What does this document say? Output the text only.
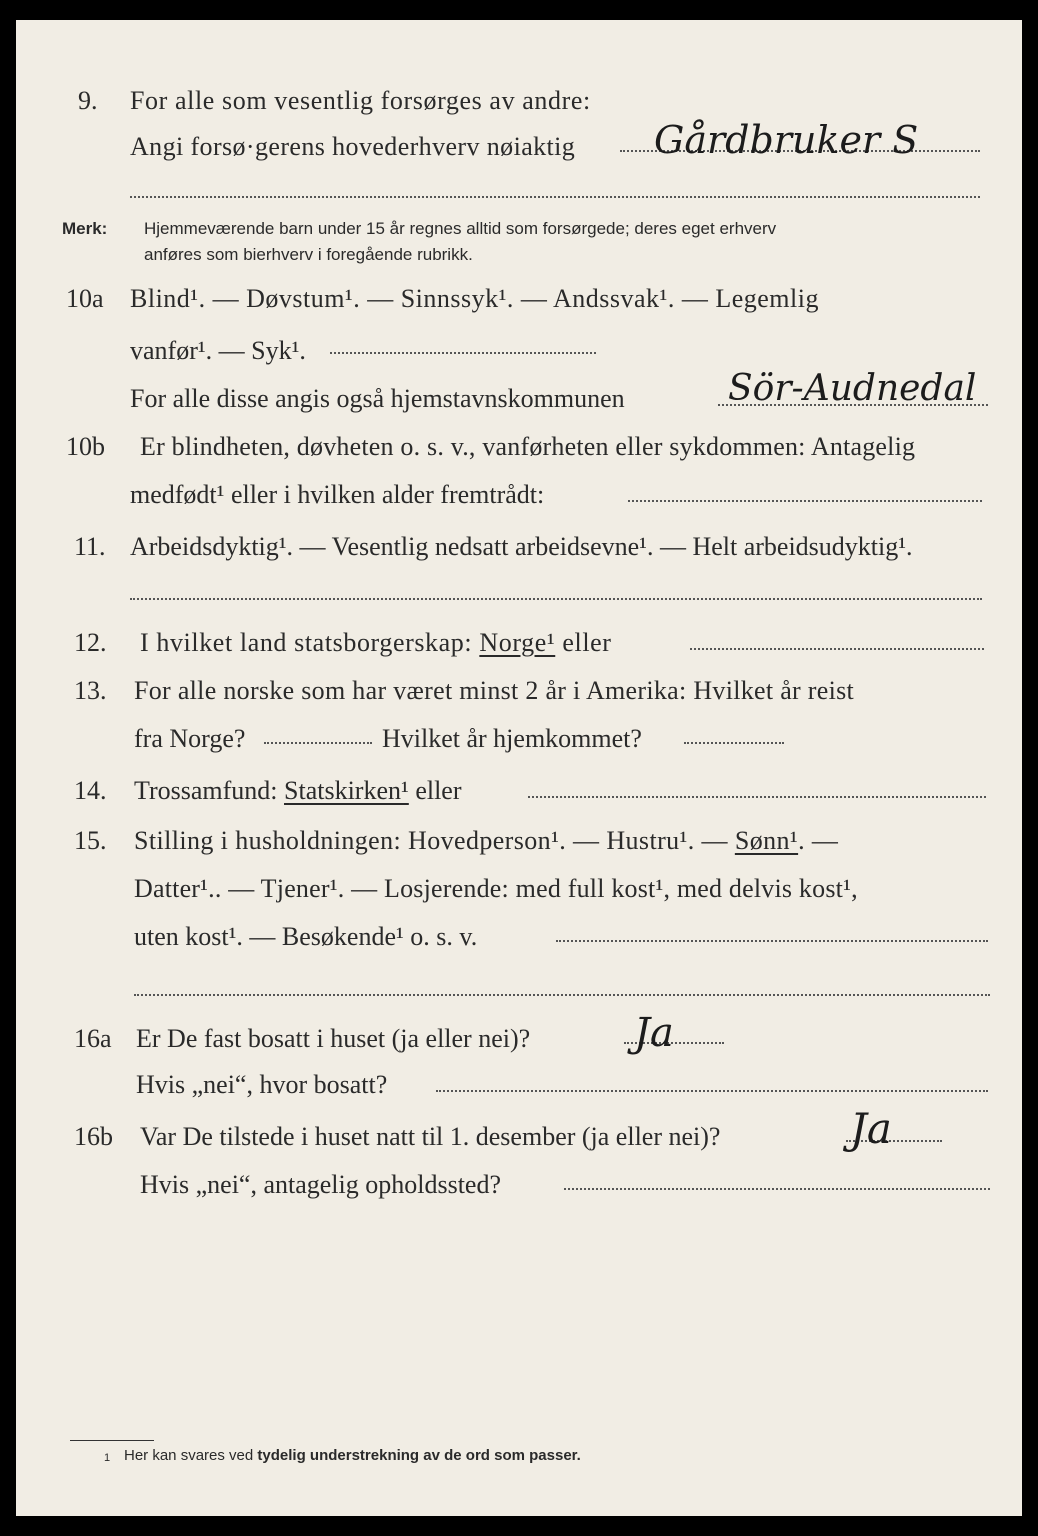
9. For alle som vesentlig forsørges av andre:
Angi forsø·gerens hovederhverv nøiaktig Gårdbruker S
Merk: Hjemmeværende barn under 15 år regnes alltid som forsørgede; deres eget erhverv
anføres som bierhverv i foregående rubrikk.
10a Blind¹. — Døvstum¹. — Sinnssyk¹. — Andssvak¹. — Legemlig
vanfør¹. — Syk¹.
For alle disse angis også hjemstavnskommunen	Sör-Audnedal
10b Er blindheten, døvheten o. s. v., vanførheten eller sykdommen: Antagelig
medfødt¹ eller i hvilken alder fremtrådt:
11. Arbeidsdyktig¹. — Vesentlig nedsatt arbeidsevne¹. — Helt arbeidsudyktig¹.
12. I hvilket land statsborgerskap: Norge¹ eller
13. For alle norske som har været minst 2 år i Amerika: Hvilket år reist
fra Norge?	Hvilket år hjemkommet?
14. Trossamfund: Statskirken¹ eller
15. Stilling i husholdningen: Hovedperson¹. — Hustru¹. — Sønn¹. —
Datter¹.. — Tjener¹. — Losjerende: med full kost¹, med delvis kost¹,
uten kost¹. — Besøkende¹ o. s. v.
16a Er De fast bosatt i huset (ja eller nei)?	Ja
Hvis „nei“, hvor bosatt?
16b Var De tilstede i huset natt til 1. desember (ja eller nei)?	Ja
Hvis „nei“, antagelig opholdssted?
1 Her kan svares ved tydelig understrekning av de ord som passer.
